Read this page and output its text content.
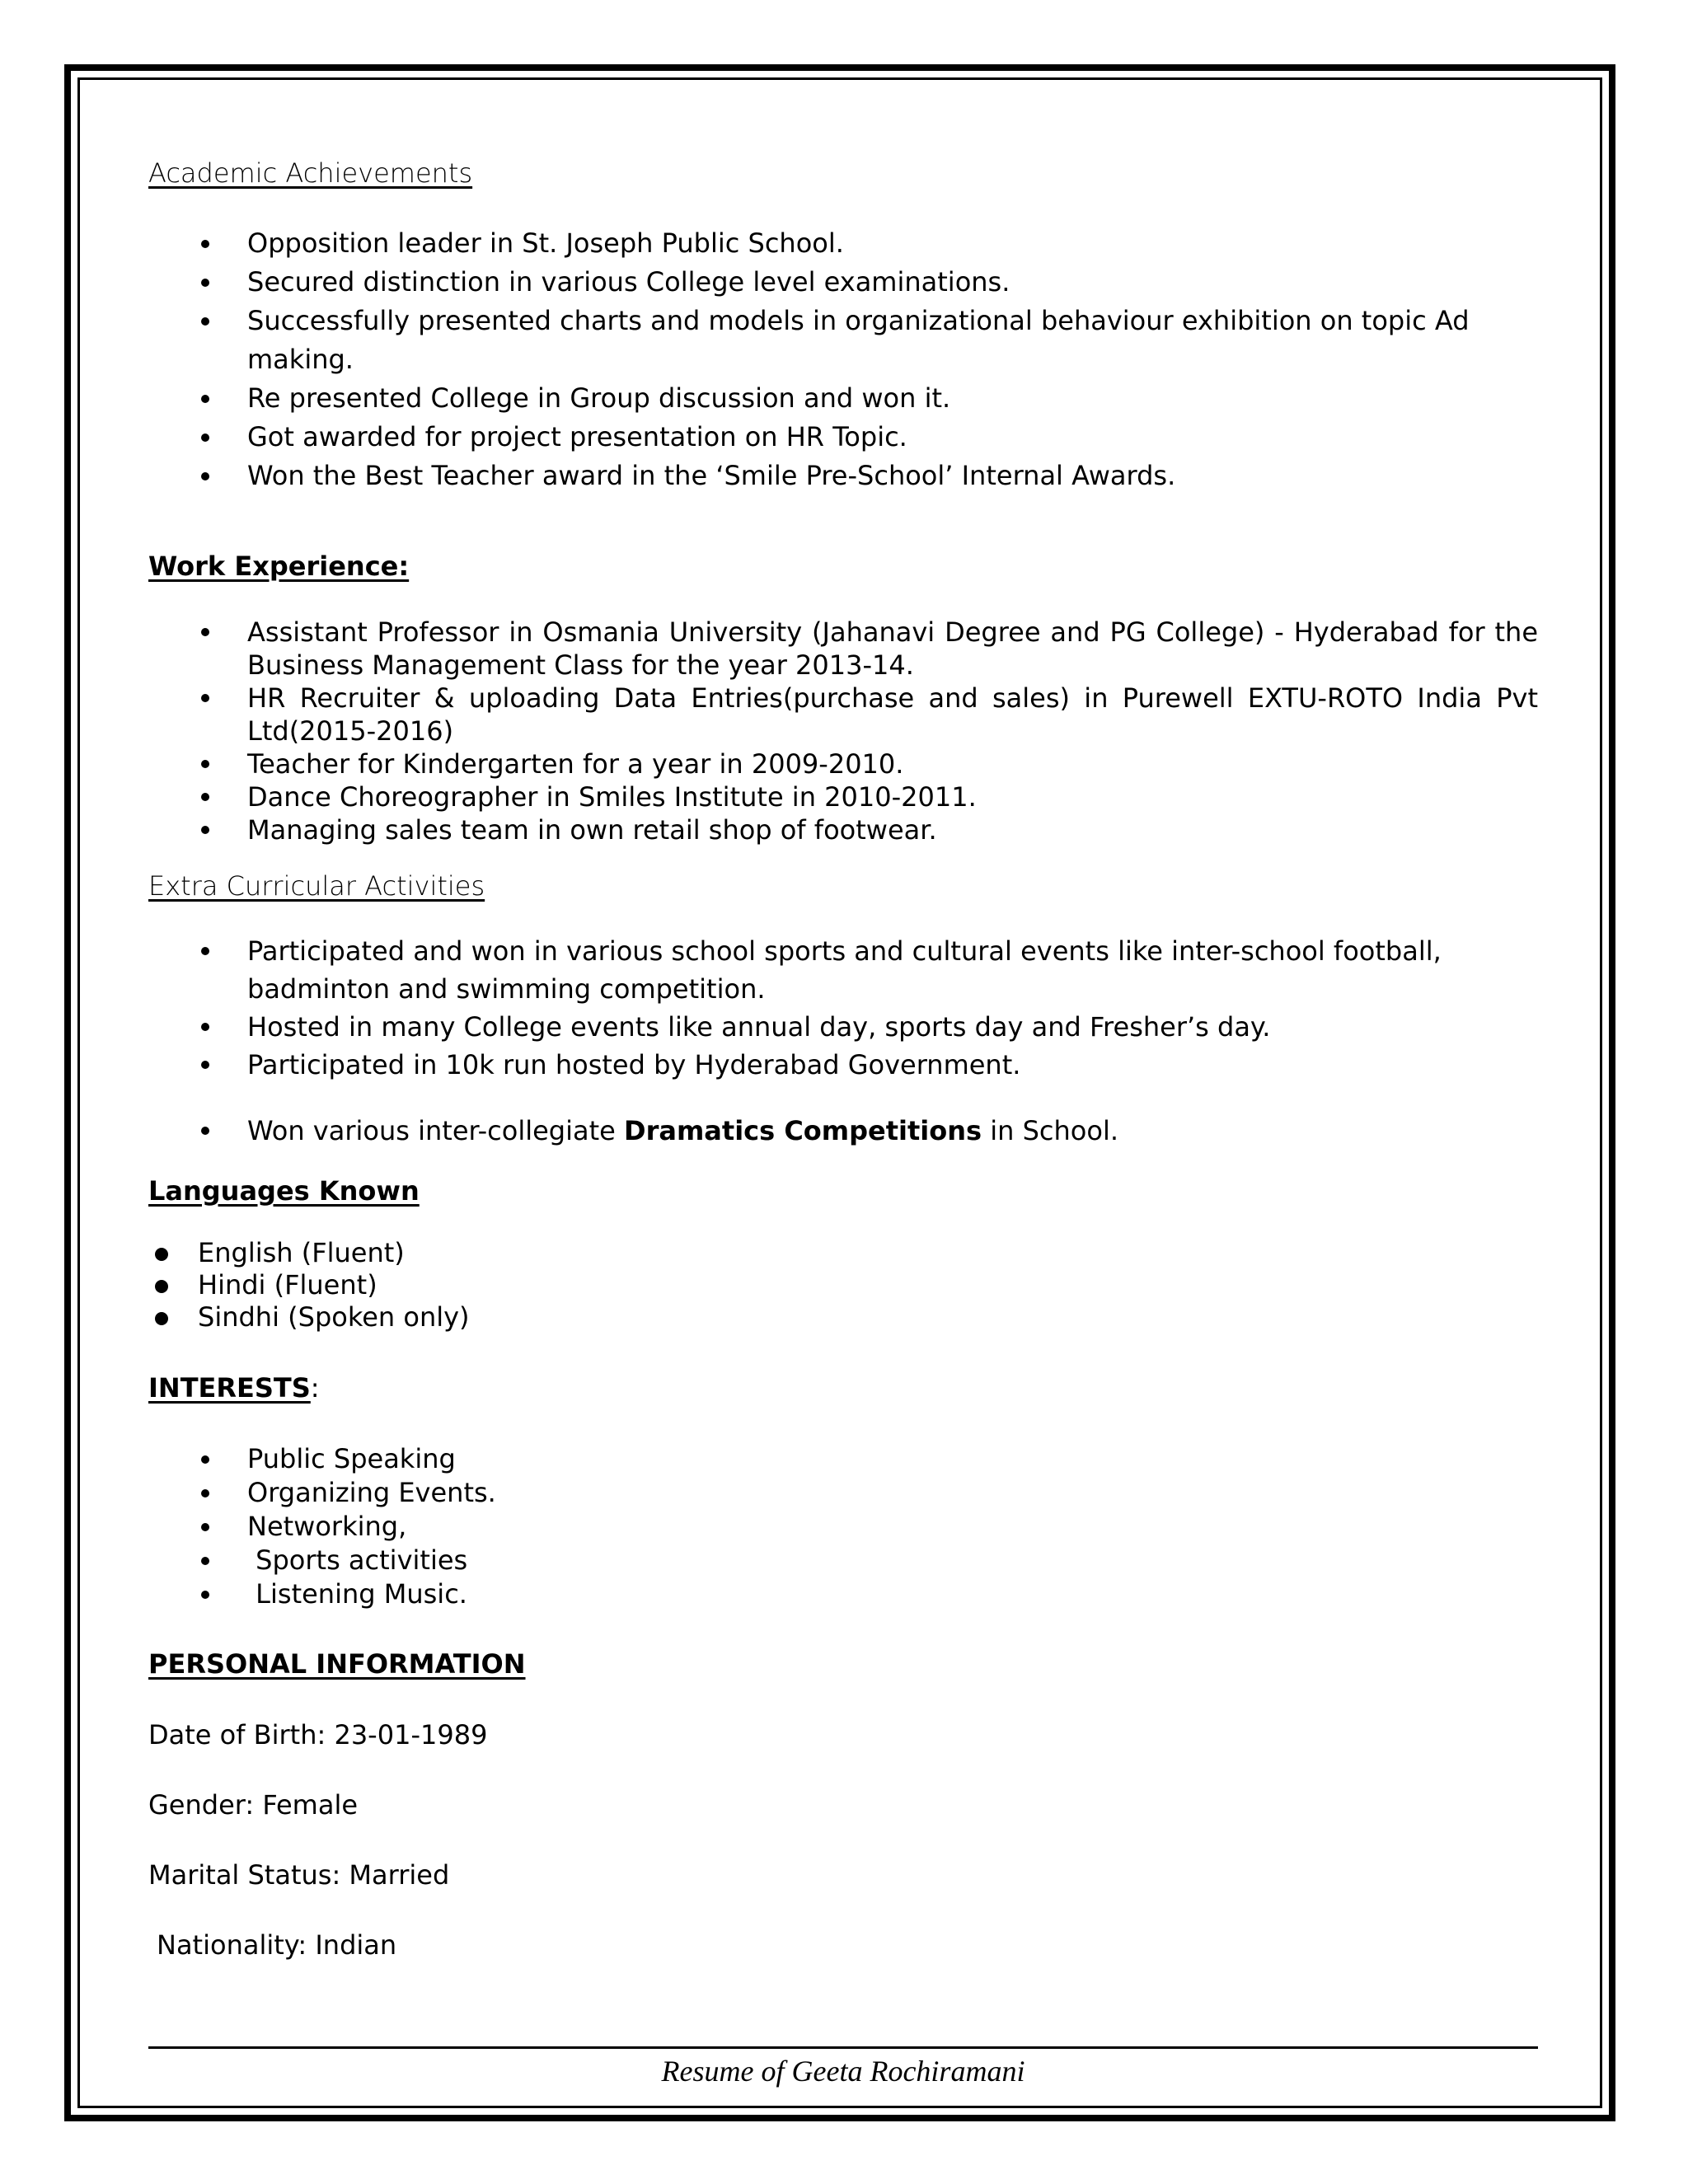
Academic Achievements
Opposition leader in St. Joseph Public School.
Secured distinction in various College level examinations.
Successfully presented charts and models in organizational behaviour exhibition on topic Ad making.
Re presented College in Group discussion and won it.
Got awarded for project presentation on HR Topic.
Won the Best Teacher award in the ‘Smile Pre-School’ Internal Awards.
Work Experience:
Assistant Professor in Osmania University (Jahanavi Degree and PG College) - Hyderabad for the Business Management Class for the year 2013-14.
HR Recruiter & uploading Data Entries(purchase and sales) in Purewell EXTU-ROTO India Pvt Ltd(2015-2016)
Teacher for Kindergarten for a year in 2009-2010.
Dance Choreographer in Smiles Institute in 2010-2011.
Managing sales team in own retail shop of footwear.
Extra Curricular Activities
Participated and won in various school sports and cultural events like inter-school football, badminton and swimming competition.
Hosted in many College events like annual day, sports day and Fresher’s day.
Participated in 10k run hosted by Hyderabad Government.
Won various inter-collegiate Dramatics Competitions in School.
Languages Known
English (Fluent)
Hindi (Fluent)
Sindhi (Spoken only)

INTERESTS:

Public Speaking
Organizing Events.
Networking,
Sports activities
Listening Music.
PERSONAL INFORMATION

Date of Birth: 23-01-1989

Gender: Female

Marital Status: Married

Nationality: Indian

Resume of Geeta Rochiramani
